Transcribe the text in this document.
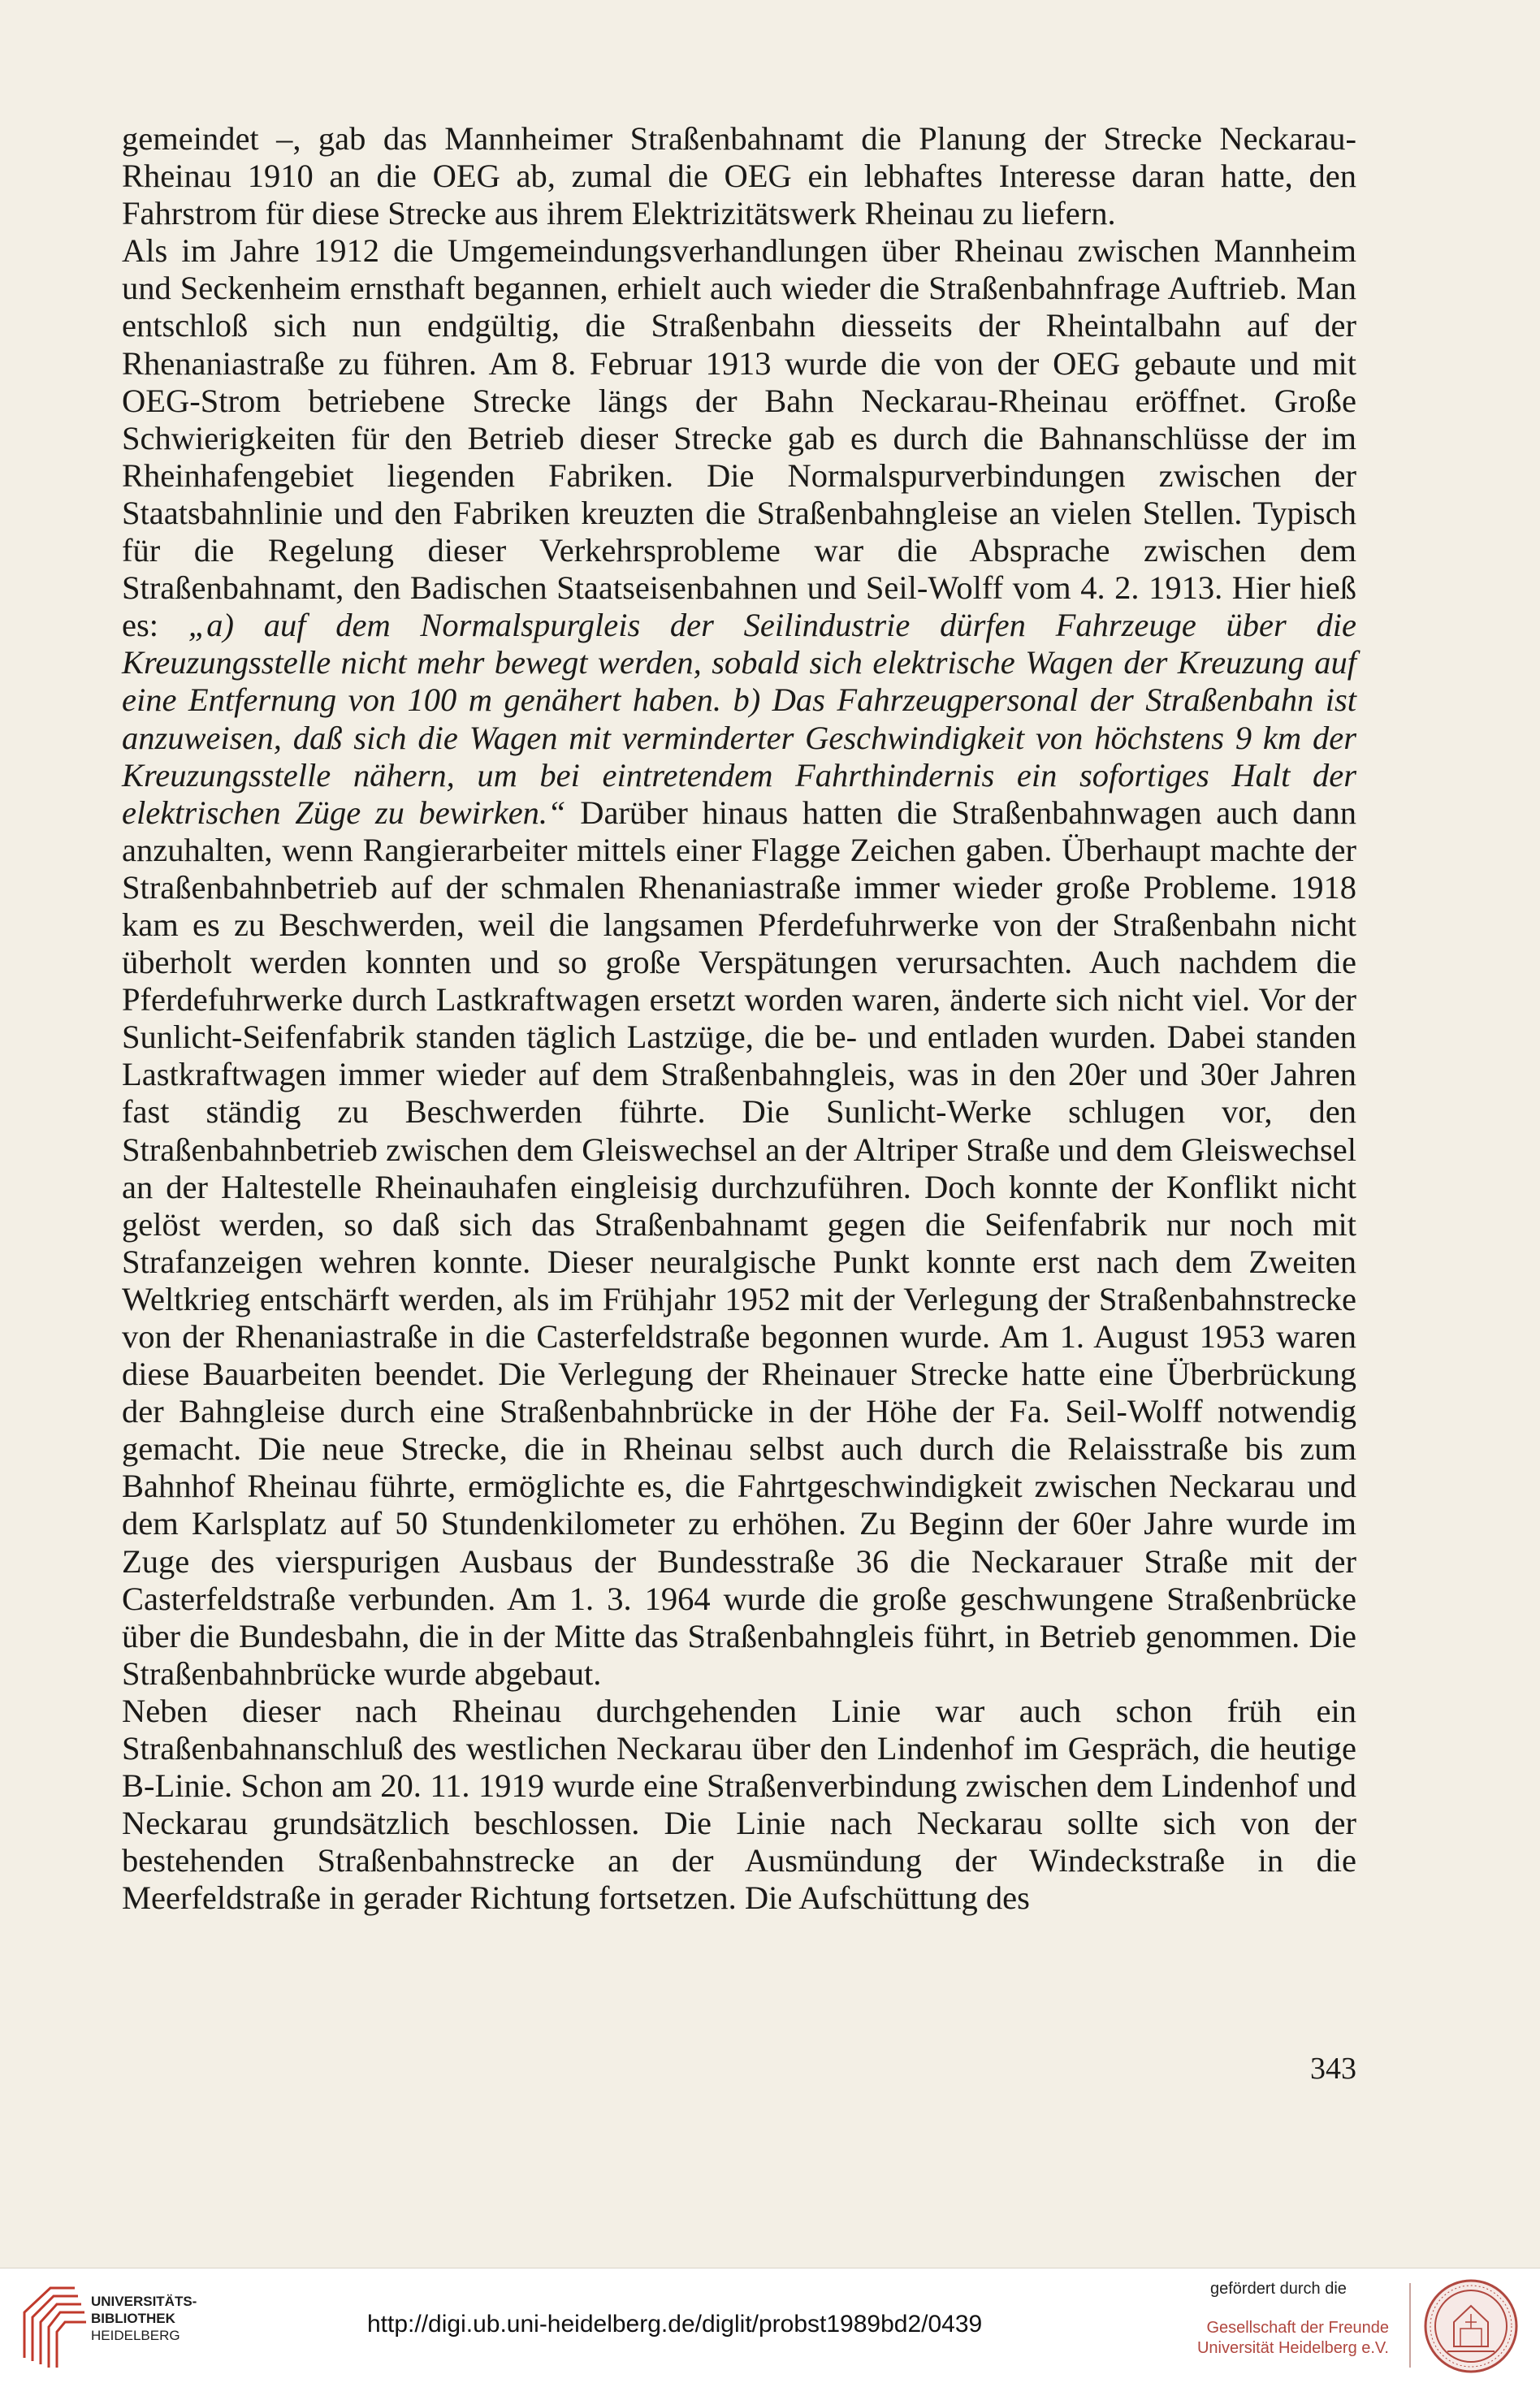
gemeindet –, gab das Mannheimer Straßenbahnamt die Planung der Strecke Neckarau-Rheinau 1910 an die OEG ab, zumal die OEG ein lebhaftes Interesse daran hatte, den Fahrstrom für diese Strecke aus ihrem Elektrizitätswerk Rheinau zu liefern.

Als im Jahre 1912 die Umgemeindungsverhandlungen über Rheinau zwischen Mannheim und Seckenheim ernsthaft begannen, erhielt auch wieder die Straßenbahnfrage Auftrieb. Man entschloß sich nun endgültig, die Straßenbahn diesseits der Rheintalbahn auf der Rhenaniastraße zu führen. Am 8. Februar 1913 wurde die von der OEG gebaute und mit OEG-Strom betriebene Strecke längs der Bahn Neckarau-Rheinau eröffnet. Große Schwierigkeiten für den Betrieb dieser Strecke gab es durch die Bahnanschlüsse der im Rheinhafengebiet liegenden Fabriken. Die Normalspurverbindungen zwischen der Staatsbahnlinie und den Fabriken kreuzten die Straßenbahngleise an vielen Stellen. Typisch für die Regelung dieser Verkehrsprobleme war die Absprache zwischen dem Straßenbahnamt, den Badischen Staatseisenbahnen und Seil-Wolff vom 4. 2. 1913. Hier hieß es: „a) auf dem Normalspurgleis der Seilindustrie dürfen Fahrzeuge über die Kreuzungsstelle nicht mehr bewegt werden, sobald sich elektrische Wagen der Kreuzung auf eine Entfernung von 100 m genähert haben. b) Das Fahrzeugpersonal der Straßenbahn ist anzuweisen, daß sich die Wagen mit verminderter Geschwindigkeit von höchstens 9 km der Kreuzungsstelle nähern, um bei eintretendem Fahrthindernis ein sofortiges Halt der elektrischen Züge zu bewirken.“ Darüber hinaus hatten die Straßenbahnwagen auch dann anzuhalten, wenn Rangierarbeiter mittels einer Flagge Zeichen gaben. Überhaupt machte der Straßenbahnbetrieb auf der schmalen Rhenaniastraße immer wieder große Probleme. 1918 kam es zu Beschwerden, weil die langsamen Pferdefuhrwerke von der Straßenbahn nicht überholt werden konnten und so große Verspätungen verursachten. Auch nachdem die Pferdefuhrwerke durch Lastkraftwagen ersetzt worden waren, änderte sich nicht viel. Vor der Sunlicht-Seifenfabrik standen täglich Lastzüge, die be- und entladen wurden. Dabei standen Lastkraftwagen immer wieder auf dem Straßenbahngleis, was in den 20er und 30er Jahren fast ständig zu Beschwerden führte. Die Sunlicht-Werke schlugen vor, den Straßenbahnbetrieb zwischen dem Gleiswechsel an der Altriper Straße und dem Gleiswechsel an der Haltestelle Rheinauhafen eingleisig durchzuführen. Doch konnte der Konflikt nicht gelöst werden, so daß sich das Straßenbahnamt gegen die Seifenfabrik nur noch mit Strafanzeigen wehren konnte. Dieser neuralgische Punkt konnte erst nach dem Zweiten Weltkrieg entschärft werden, als im Frühjahr 1952 mit der Verlegung der Straßenbahnstrecke von der Rhenaniastraße in die Casterfeldstraße begonnen wurde. Am 1. August 1953 waren diese Bauarbeiten beendet. Die Verlegung der Rheinauer Strecke hatte eine Überbrückung der Bahngleise durch eine Straßenbahnbrücke in der Höhe der Fa. Seil-Wolff notwendig gemacht. Die neue Strecke, die in Rheinau selbst auch durch die Relaisstraße bis zum Bahnhof Rheinau führte, ermöglichte es, die Fahrtgeschwindigkeit zwischen Neckarau und dem Karlsplatz auf 50 Stundenkilometer zu erhöhen. Zu Beginn der 60er Jahre wurde im Zuge des vierspurigen Ausbaus der Bundesstraße 36 die Neckarauer Straße mit der Casterfeldstraße verbunden. Am 1. 3. 1964 wurde die große geschwungene Straßenbrücke über die Bundesbahn, die in der Mitte das Straßenbahngleis führt, in Betrieb genommen. Die Straßenbahnbrücke wurde abgebaut.

Neben dieser nach Rheinau durchgehenden Linie war auch schon früh ein Straßenbahnanschluß des westlichen Neckarau über den Lindenhof im Gespräch, die heutige B-Linie. Schon am 20. 11. 1919 wurde eine Straßenverbindung zwischen dem Lindenhof und Neckarau grundsätzlich beschlossen. Die Linie nach Neckarau sollte sich von der bestehenden Straßenbahnstrecke an der Ausmündung der Windeckstraße in die Meerfeldstraße in gerader Richtung fortsetzen. Die Aufschüttung des

343
UNIVERSITÄTS-
BIBLIOTHEK
HEIDELBERG	http://digi.ub.uni-heidelberg.de/diglit/probst1989bd2/0439
gefördert durch die
Gesellschaft der Freunde
Universität Heidelberg e.V.
